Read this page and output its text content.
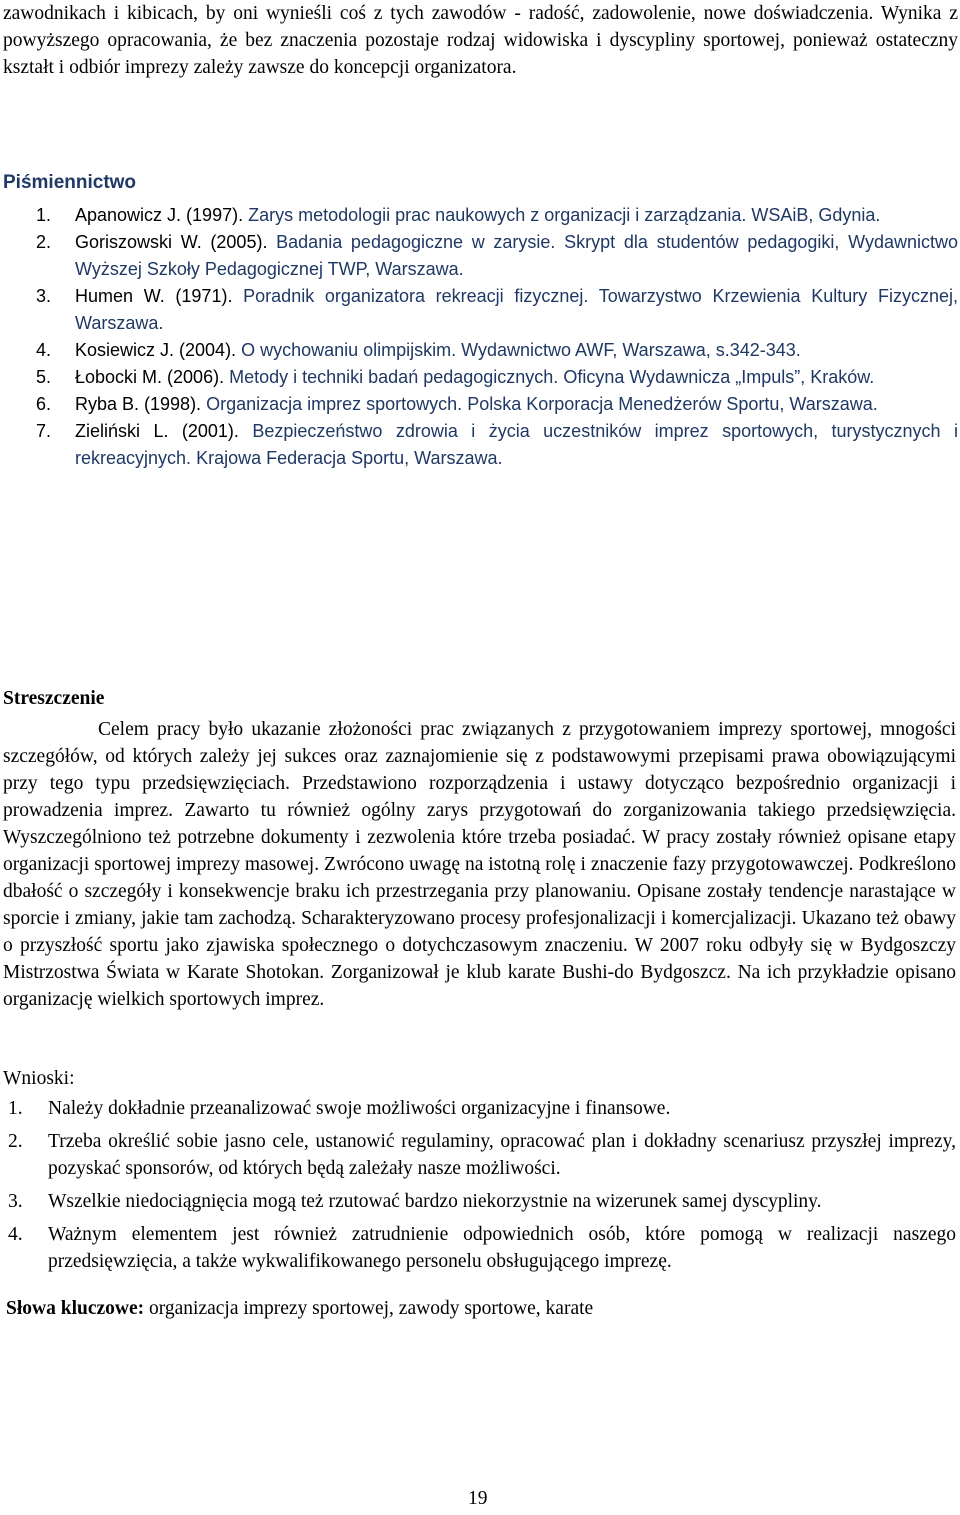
zawodnikach i kibicach, by oni wynieśli coś z tych zawodów - radość, zadowolenie, nowe doświadczenia. Wynika z powyższego opracowania, że bez znaczenia pozostaje rodzaj widowiska i dyscypliny sportowej, ponieważ ostateczny kształt i odbiór imprezy zależy zawsze do koncepcji organizatora.

Piśmiennictwo
1. Apanowicz J. (1997). Zarys metodologii prac naukowych z organizacji i zarządzania. WSAiB, Gdynia.
2. Goriszowski W. (2005). Badania pedagogiczne w zarysie. Skrypt dla studentów pedagogiki, Wydawnictwo Wyższej Szkoły Pedagogicznej TWP, Warszawa.
3. Humen W. (1971). Poradnik organizatora rekreacji fizycznej. Towarzystwo Krzewienia Kultury Fizycznej, Warszawa.
4. Kosiewicz J. (2004). O wychowaniu olimpijskim. Wydawnictwo AWF, Warszawa, s.342-343.
5. Łobocki M. (2006). Metody i techniki badań pedagogicznych. Oficyna Wydawnicza „Impuls”, Kraków.
6. Ryba B. (1998). Organizacja imprez sportowych. Polska Korporacja Menedżerów Sportu, Warszawa.
7. Zieliński L. (2001). Bezpieczeństwo zdrowia i życia uczestników imprez sportowych, turystycznych i rekreacyjnych. Krajowa Federacja Sportu, Warszawa.
Streszczenie

Celem pracy było ukazanie złożoności prac związanych z przygotowaniem imprezy sportowej, mnogości szczegółów, od których zależy jej sukces oraz zaznajomienie się z podstawowymi przepisami prawa obowiązującymi przy tego typu przedsięwzięciach. Przedstawiono rozporządzenia i ustawy dotycząco bezpośrednio organizacji i prowadzenia imprez. Zawarto tu również ogólny zarys przygotowań do zorganizowania takiego przedsięwzięcia. Wyszczególniono też potrzebne dokumenty i zezwolenia które trzeba posiadać. W pracy zostały również opisane etapy organizacji sportowej imprezy masowej. Zwrócono uwagę na istotną rolę i znaczenie fazy przygotowawczej. Podkreślono dbałość o szczegóły i konsekwencje braku ich przestrzegania przy planowaniu. Opisane zostały tendencje narastające w sporcie i zmiany, jakie tam zachodzą. Scharakteryzowano procesy profesjonalizacji i komercjalizacji. Ukazano też obawy o przyszłość sportu jako zjawiska społecznego o dotychczasowym znaczeniu. W 2007 roku odbyły się w Bydgoszczy Mistrzostwa Świata w Karate Shotokan. Zorganizował je klub karate Bushi-do Bydgoszcz. Na ich przykładzie opisano organizację wielkich sportowych imprez.

Wnioski:
1. Należy dokładnie przeanalizować swoje możliwości organizacyjne i finansowe.
2. Trzeba określić sobie jasno cele, ustanowić regulaminy, opracować plan i dokładny scenariusz przyszłej imprezy, pozyskać sponsorów, od których będą zależały nasze możliwości.
3. Wszelkie niedociągnięcia mogą też rzutować bardzo niekorzystnie na wizerunek samej dyscypliny.
4. Ważnym elementem jest również zatrudnienie odpowiednich osób, które pomogą w realizacji naszego przedsięwzięcia, a także wykwalifikowanego personelu obsługującego imprezę.
Słowa kluczowe: organizacja imprezy sportowej, zawody sportowe, karate
19
